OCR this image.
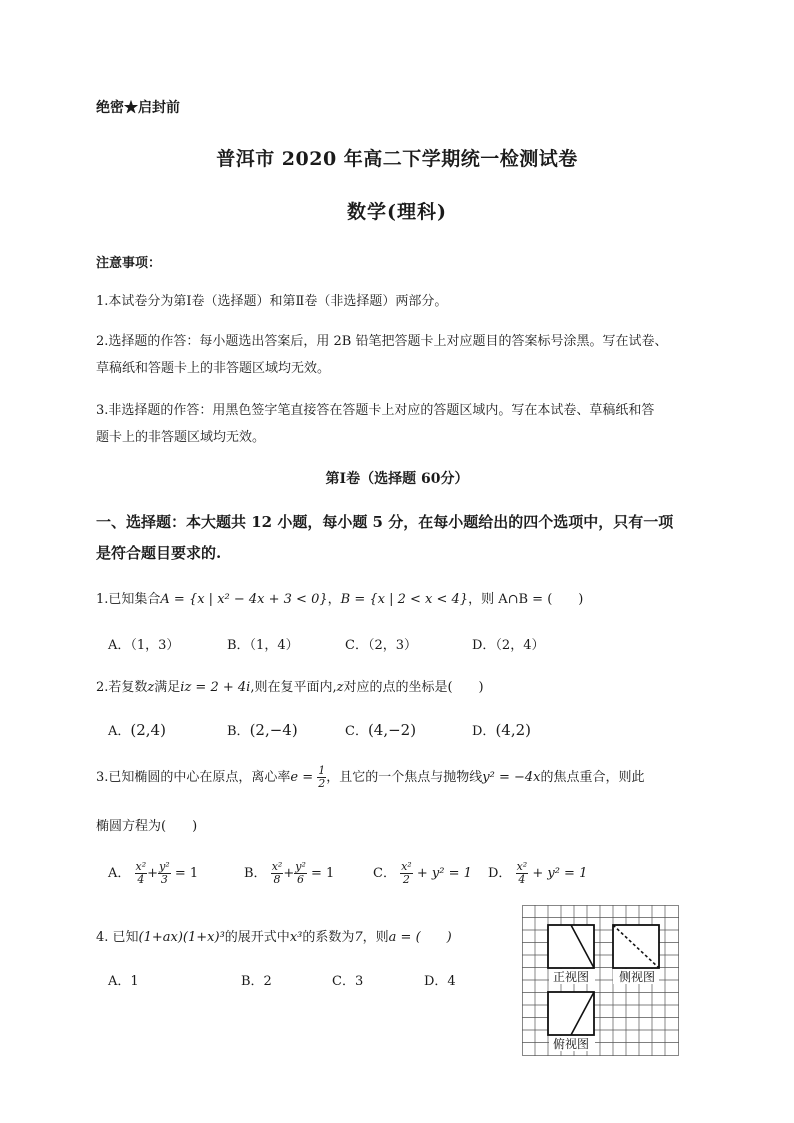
绝密★启封前
普洱市 2020 年高二下学期统一检测试卷
数学(理科)
注意事项：
1.本试卷分为第Ⅰ卷（选择题）和第Ⅱ卷（非选择题）两部分。
2.选择题的作答：每小题选出答案后，用 2B 铅笔把答题卡上对应题目的答案标号涂黑。写在试卷、
草稿纸和答题卡上的非答题区域均无效。
3.非选择题的作答：用黑色签字笔直接答在答题卡上对应的答题区域内。写在本试卷、草稿纸和答
题卡上的非答题区域均无效。
第Ⅰ卷（选择题 60分）
一、选择题：本大题共 12 小题，每小题 5 分，在每小题给出的四个选项中，只有一项
是符合题目要求的.
1.已知集合A = {x | x² − 4x + 3 < 0}，B = {x | 2 < x < 4}，则 A∩B = (　　)
A．（1，3）	B．（1，4）	C．（2，3）	D．（2，4）
2.若复数z满足iz = 2 + 4i,则在复平面内,z对应的点的坐标是(　　)
A．(2,4)	B．(2,−4)	C．(4,−2)	D．(4,2)
3.已知椭圆的中心在原点，离心率$e = \frac{1}{2}$ ，且它的一个焦点与抛物线y² = −4x的焦点重合，则此
椭圆方程为(　　)
A． $\frac{\text{x²}}{4} + \frac{\text{y²}}{3} = 1$	B． $\frac{\text{x²}}{8} + \frac{\text{y²}}{6} = 1$	C． $\frac{\text{x²}}{2} + y^2 = 1$ D． $\frac{\text{x²}}{4} + y^2 = 1$
4. 已知(1+ax)(1+x)³的展开式中x³的系数为7，则a = (　　)
A．1	B．2	C．3	D．4	正视图 侧视图
俯视图
